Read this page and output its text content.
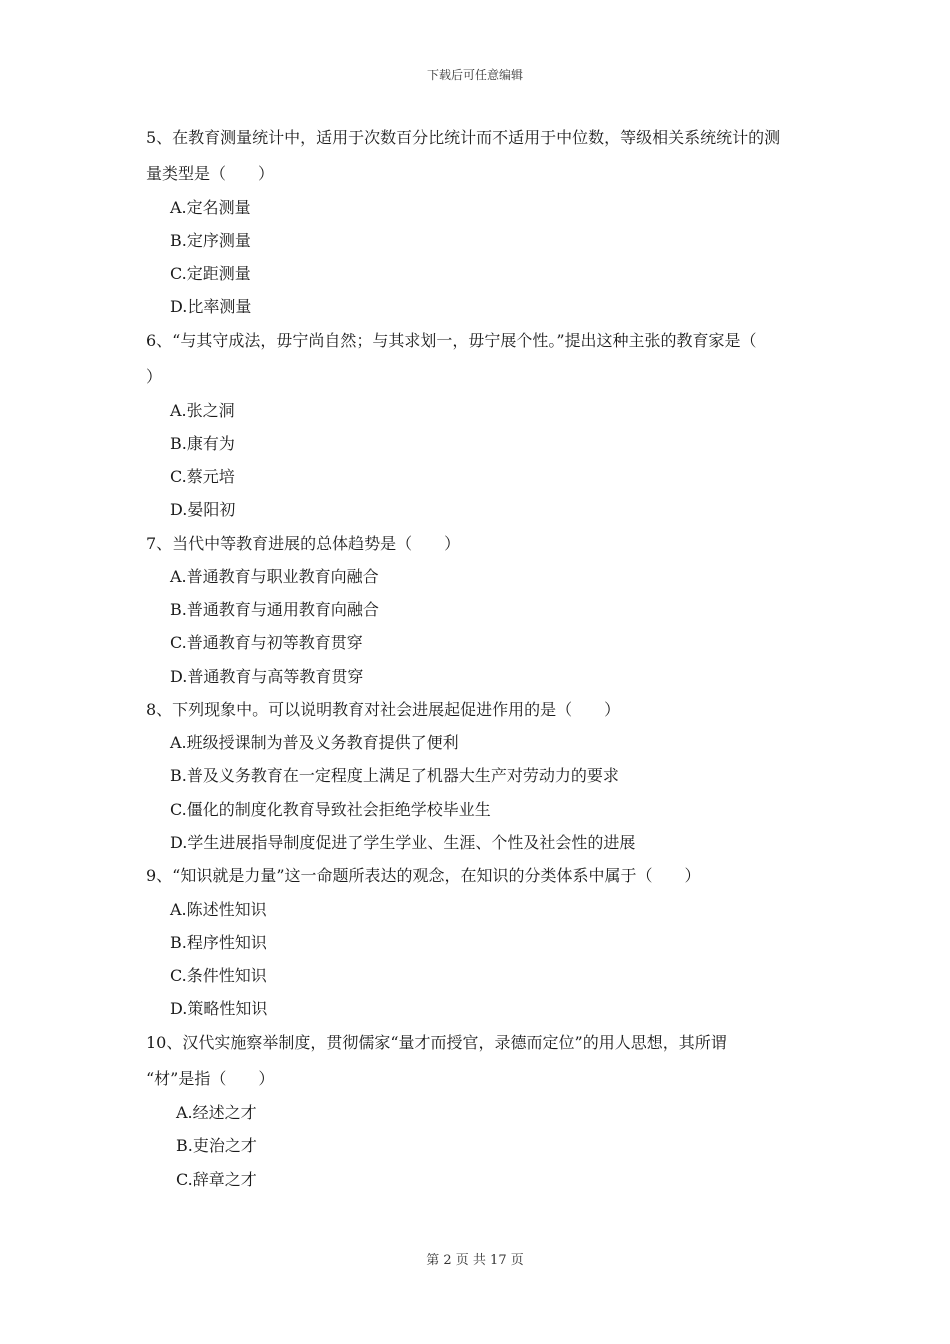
下载后可任意编辑
5、在教育测量统计中，适用于次数百分比统计而不适用于中位数，等级相关系统统计的测
量类型是（　　）
A.定名测量
B.定序测量
C.定距测量
D.比率测量
6、“与其守成法，毋宁尚自然；与其求划一，毋宁展个性。”提出这种主张的教育家是（
）
A.张之洞
B.康有为
C.蔡元培
D.晏阳初
7、当代中等教育进展的总体趋势是（　　）
A.普通教育与职业教育向融合
B.普通教育与通用教育向融合
C.普通教育与初等教育贯穿
D.普通教育与高等教育贯穿
8、下列现象中。可以说明教育对社会进展起促进作用的是（　　）
A.班级授课制为普及义务教育提供了便利
B.普及义务教育在一定程度上满足了机器大生产对劳动力的要求
C.僵化的制度化教育导致社会拒绝学校毕业生
D.学生进展指导制度促进了学生学业、生涯、个性及社会性的进展
9、“知识就是力量”这一命题所表达的观念，在知识的分类体系中属于（　　）
A.陈述性知识
B.程序性知识
C.条件性知识
D.策略性知识
10、汉代实施察举制度，贯彻儒家“量才而授官，录德而定位”的用人思想，其所谓
“材”是指（　　）
A.经述之才
B.吏治之才
C.辞章之才
第 2 页 共 17 页
